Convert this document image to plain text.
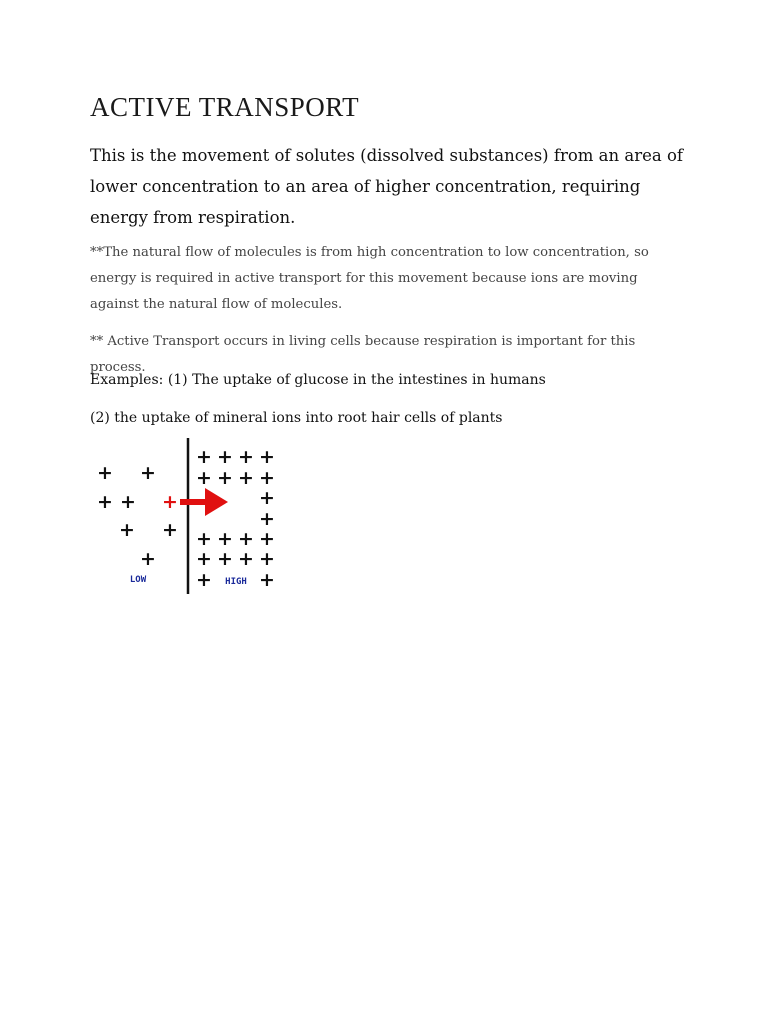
ACTIVE TRANSPORT
This is the movement of solutes (dissolved substances) from an area of lower concentration to an area of higher concentration, requiring energy from respiration.
**The natural flow of molecules is from high concentration to low concentration, so energy is required in active transport for this movement because ions are moving against the natural flow of molecules.
** Active Transport occurs in living cells because respiration is important for this process.
Examples: (1) The uptake of glucose in the intestines in humans
(2) the uptake of mineral ions into root hair cells of plants
+ +
+ +
+ +
+
+
+ + + +
+ + + +
+
+
+ + + +
+ + + +
+ +
LOW	HIGH
